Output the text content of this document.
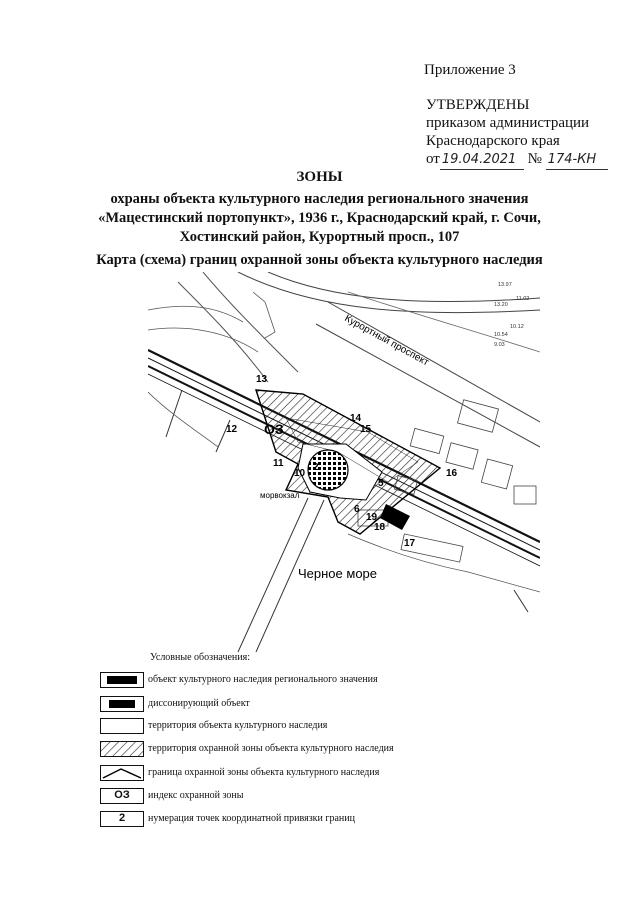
Приложение 3
УТВЕРЖДЕНЫ
приказом администрации
Краснодарского края
от 19.04.2021 № 174-КН
ЗОНЫ
охраны объекта культурного наследия регионального значения
«Мацестинский портопункт», 1936 г., Краснодарский край, г. Сочи,
Хостинский район, Курортный просп., 107
Карта (схема) границ охранной зоны объекта культурного наследия
Курортный проспект
13.97
13.20
11.02
10.12
10.54
9.03
ОЗ
2
5
6
10
11
12
13
14
15
16
17
18
19
морвокзал
Черное море
Условные обозначения:
объект культурного наследия регионального значения
диссонирующий объект
территория объекта культурного наследия
территория охранной зоны объекта культурного наследия
граница охранной зоны объекта культурного наследия
ОЗ	индекс охранной зоны
2	нумерация точек координатной привязки границ
